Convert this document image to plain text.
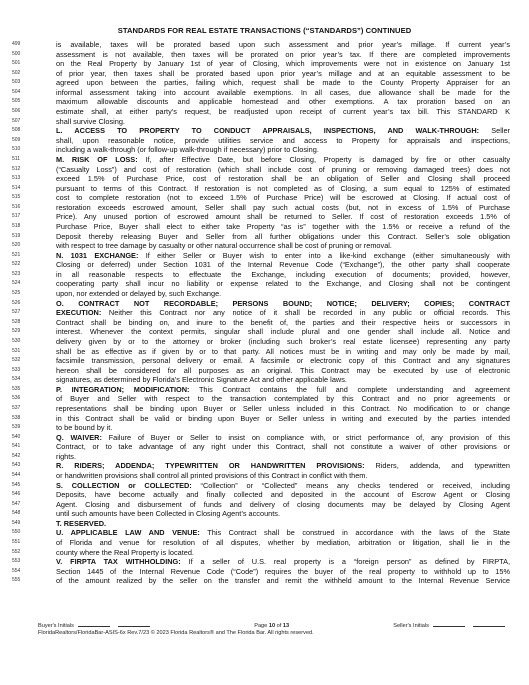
STANDARDS FOR REAL ESTATE TRANSACTIONS (“STANDARDS”) CONTINUED
499	is available, taxes will be prorated based upon such assessment and prior year’s millage. If current year’s
500	assessment is not available, then taxes will be prorated on prior year’s tax. If there are completed improvements
501	on the Real Property by January 1st of year of Closing, which improvements were not in existence on January 1st
502	of prior year, then taxes shall be prorated based upon prior year’s millage and at an equitable assessment to be
503	agreed upon between the parties, failing which, request shall be made to the County Property Appraiser for an
504	informal assessment taking into account available exemptions. In all cases, due allowance shall be made for the
505	maximum allowable discounts and applicable homestead and other exemptions. A tax proration based on an
506	estimate shall, at either party’s request, be readjusted upon receipt of current year’s tax bill. This STANDARD K
507	shall survive Closing.
508	L. ACCESS TO PROPERTY TO CONDUCT APPRAISALS, INSPECTIONS, AND WALK-THROUGH: Seller
509	shall, upon reasonable notice, provide utilities service and access to Property for appraisals and inspections,
510	including a walk-through (or follow-up walk-through if necessary) prior to Closing.
511	M. RISK OF LOSS: If, after Effective Date, but before Closing, Property is damaged by fire or other casualty
512	(“Casualty Loss”) and cost of restoration (which shall include cost of pruning or removing damaged trees) does not
513	exceed 1.5% of Purchase Price, cost of restoration shall be an obligation of Seller and Closing shall proceed
514	pursuant to terms of this Contract. If restoration is not completed as of Closing, a sum equal to 125% of estimated
515	cost to complete restoration (not to exceed 1.5% of Purchase Price) will be escrowed at Closing. If actual cost of
516	restoration exceeds escrowed amount, Seller shall pay such actual costs (but, not in excess of 1.5% of Purchase
517	Price). Any unused portion of escrowed amount shall be returned to Seller. If cost of restoration exceeds 1.5% of
518	Purchase Price, Buyer shall elect to either take Property “as is” together with the 1.5% or receive a refund of the
519	Deposit thereby releasing Buyer and Seller from all further obligations under this Contract. Seller’s sole obligation
520	with respect to tree damage by casualty or other natural occurrence shall be cost of pruning or removal.
521	N. 1031 EXCHANGE: If either Seller or Buyer wish to enter into a like-kind exchange (either simultaneously with
522	Closing or deferred) under Section 1031 of the Internal Revenue Code (“Exchange”), the other party shall cooperate
523	in all reasonable respects to effectuate the Exchange, including execution of documents; provided, however,
524	cooperating party shall incur no liability or expense related to the Exchange, and Closing shall not be contingent
525	upon, nor extended or delayed by, such Exchange.
526	O. CONTRACT NOT RECORDABLE; PERSONS BOUND; NOTICE; DELIVERY; COPIES; CONTRACT
527	EXECUTION: Neither this Contract nor any notice of it shall be recorded in any public or official records. This
528	Contract shall be binding on, and inure to the benefit of, the parties and their respective heirs or successors in
529	interest. Whenever the context permits, singular shall include plural and one gender shall include all. Notice and
530	delivery given by or to the attorney or broker (including such broker’s real estate licensee) representing any party
531	shall be as effective as if given by or to that party. All notices must be in writing and may only be made by mail,
532	facsimile transmission, personal delivery or email. A facsimile or electronic copy of this Contract and any signatures
533	hereon shall be considered for all purposes as an original. This Contract may be executed by use of electronic
534	signatures, as determined by Florida’s Electronic Signature Act and other applicable laws.
535	P. INTEGRATION; MODIFICATION: This Contract contains the full and complete understanding and agreement
536	of Buyer and Seller with respect to the transaction contemplated by this Contract and no prior agreements or
537	representations shall be binding upon Buyer or Seller unless included in this Contract. No modification to or change
538	in this Contract shall be valid or binding upon Buyer or Seller unless in writing and executed by the parties intended
539	to be bound by it.
540	Q. WAIVER: Failure of Buyer or Seller to insist on compliance with, or strict performance of, any provision of this
541	Contract, or to take advantage of any right under this Contract, shall not constitute a waiver of other provisions or
542	rights.
543	R. RIDERS; ADDENDA; TYPEWRITTEN OR HANDWRITTEN PROVISIONS: Riders, addenda, and typewritten
544	or handwritten provisions shall control all printed provisions of this Contract in conflict with them.
545	S. COLLECTION or COLLECTED: “Collection” or “Collected” means any checks tendered or received, including
546	Deposits, have become actually and finally collected and deposited in the account of Escrow Agent or Closing
547	Agent. Closing and disbursement of funds and delivery of closing documents may be delayed by Closing Agent
548	until such amounts have been Collected in Closing Agent’s accounts.
549	T. RESERVED.
550	U. APPLICABLE LAW AND VENUE: This Contract shall be construed in accordance with the laws of the State
551	of Florida and venue for resolution of all disputes, whether by mediation, arbitration or litigation, shall lie in the
552	county where the Real Property is located.
553	V. FIRPTA TAX WITHHOLDING: If a seller of U.S. real property is a “foreign person” as defined by FIRPTA,
554	Section 1445 of the Internal Revenue Code (“Code”) requires the buyer of the real property to withhold up to 15%
555	of the amount realized by the seller on the transfer and remit the withheld amount to the Internal Revenue Service
Buyer's Initials	Page 10 of 13	Seller's Initials
FloridaRealtors/FloridaBar-ASIS-6x Rev.7/23 © 2023 Florida Realtors® and The Florida Bar. All rights reserved.
